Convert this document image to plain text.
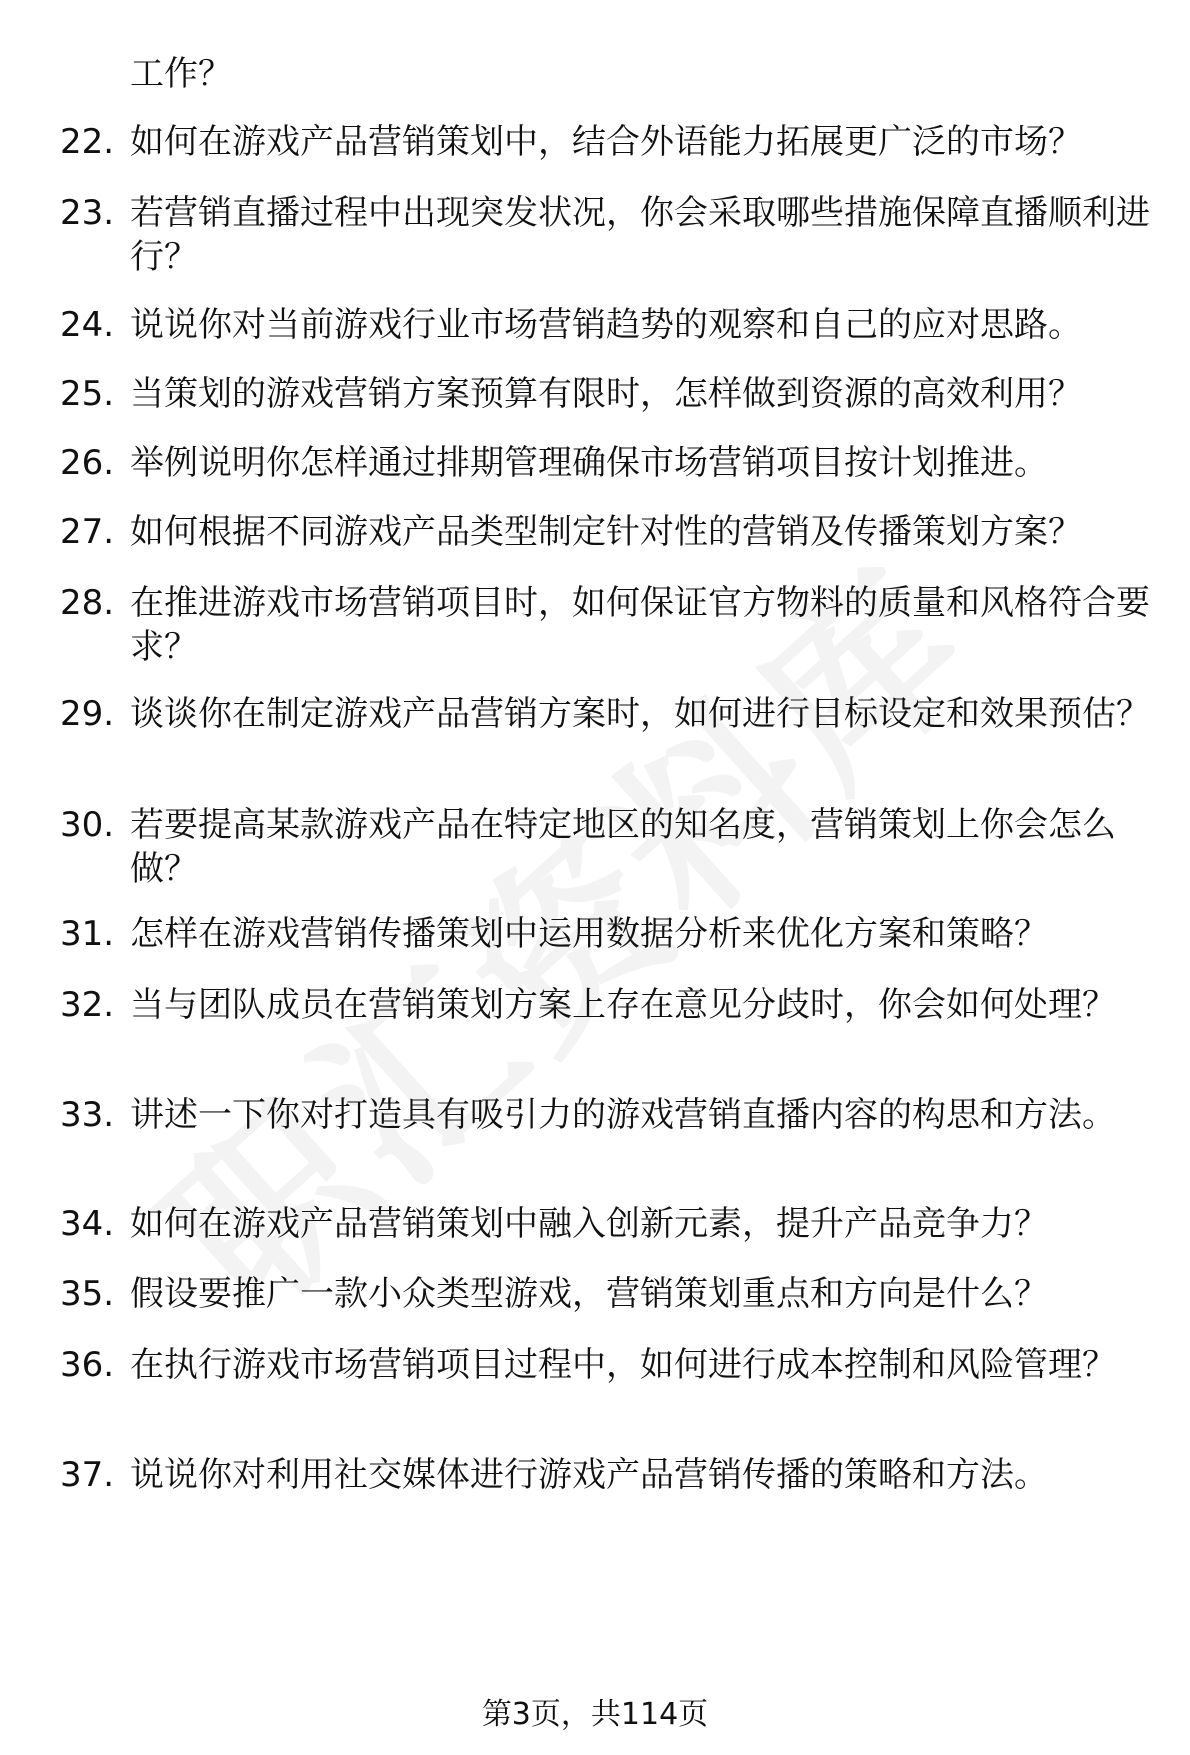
工作？
22. 如何在游戏产品营销策划中，结合外语能力拓展更广泛的市场？
23. 若营销直播过程中出现突发状况，你会采取哪些措施保障直播顺利进行？
24. 说说你对当前游戏行业市场营销趋势的观察和自己的应对思路。
25. 当策划的游戏营销方案预算有限时，怎样做到资源的高效利用？
26. 举例说明你怎样通过排期管理确保市场营销项目按计划推进。
27. 如何根据不同游戏产品类型制定针对性的营销及传播策划方案？
28. 在推进游戏市场营销项目时，如何保证官方物料的质量和风格符合要求？
29. 谈谈你在制定游戏产品营销方案时，如何进行目标设定和效果预估？
30. 若要提高某款游戏产品在特定地区的知名度，营销策划上你会怎么做？
31. 怎样在游戏营销传播策划中运用数据分析来优化方案和策略？
32. 当与团队成员在营销策划方案上存在意见分歧时，你会如何处理？
33. 讲述一下你对打造具有吸引力的游戏营销直播内容的构思和方法。
34. 如何在游戏产品营销策划中融入创新元素，提升产品竞争力？
35. 假设要推广一款小众类型游戏，营销策划重点和方向是什么？
36. 在执行游戏市场营销项目过程中，如何进行成本控制和风险管理？
37. 说说你对利用社交媒体进行游戏产品营销传播的策略和方法。
第3页，共114页
